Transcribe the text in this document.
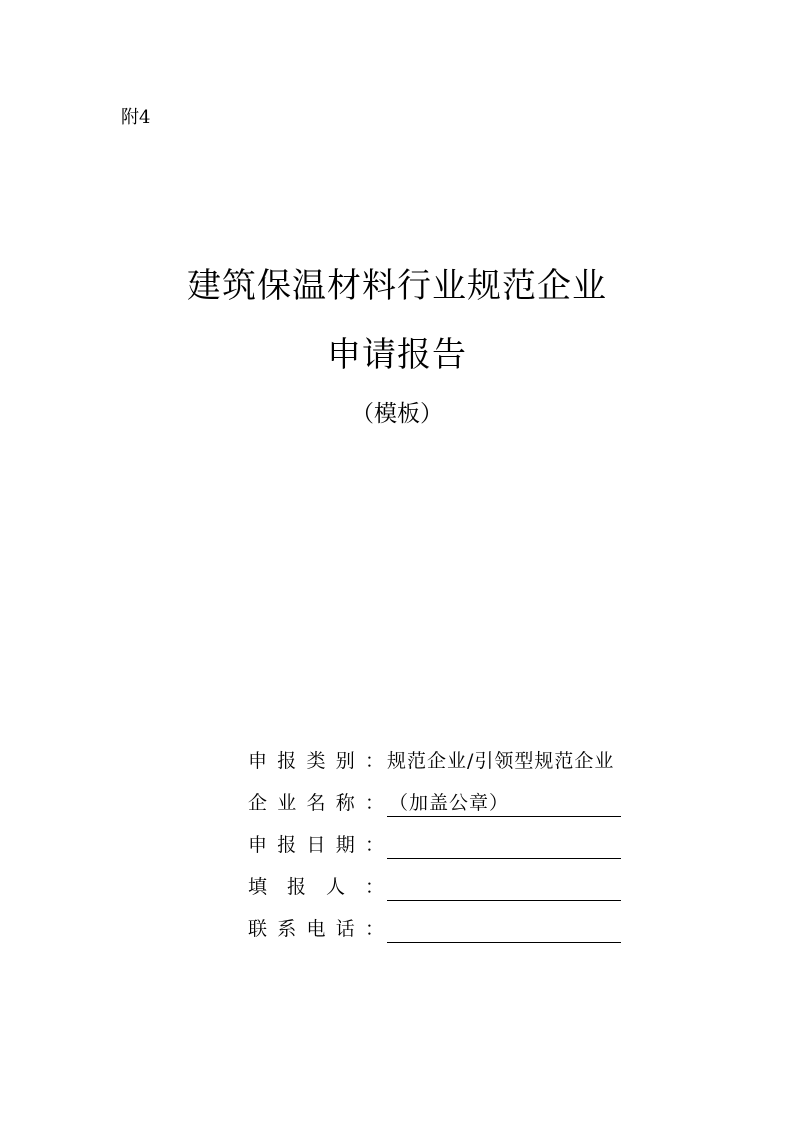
附4
建筑保温材料行业规范企业
申请报告
（模板）
申 报 类 别 ： 规范企业/引领型规范企业
企 业 名 称 ： （加盖公章）
申 报 日 期 ：
填 报 人 ：
联 系 电 话 ：
